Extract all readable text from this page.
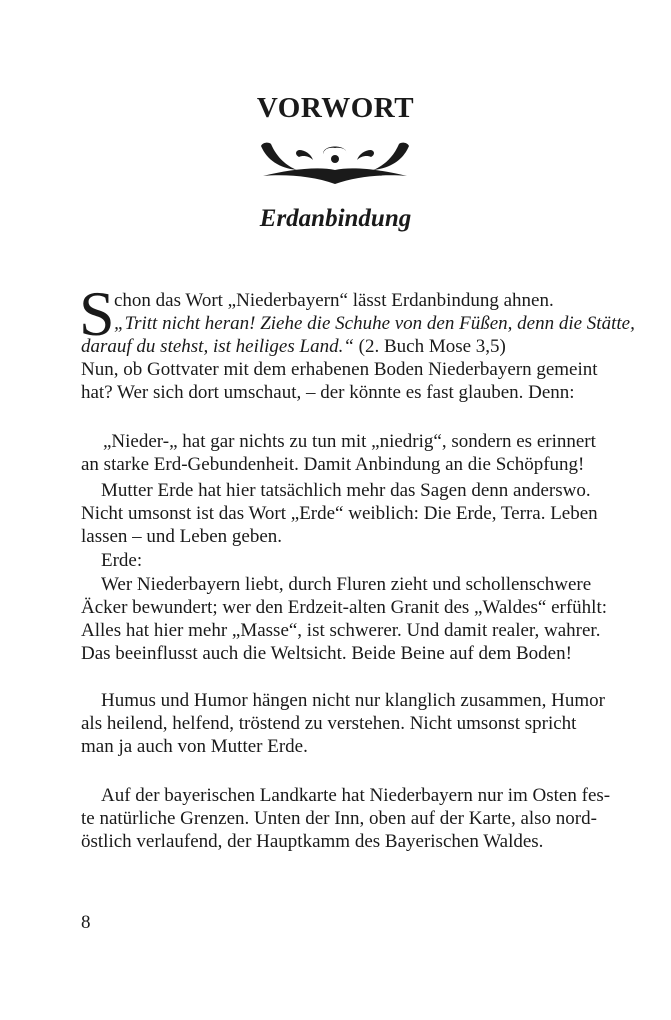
VORWORT
Erdanbindung
S chon das Wort „Niederbayern“ lässt Erdanbindung ahnen.

„Tritt nicht heran! Ziehe die Schuhe von den Füßen, denn die Stätte,

darauf du stehst, ist heiliges Land.“ (2. Buch Mose 3,5)

Nun, ob Gottvater mit dem erhabenen Boden Niederbayern gemeint

hat? Wer sich dort umschaut, – der könnte es fast glauben. Denn:

„Nieder-„ hat gar nichts zu tun mit „niedrig“, sondern es erinnert

an starke Erd-Gebundenheit. Damit Anbindung an die Schöpfung!

Mutter Erde hat hier tatsächlich mehr das Sagen denn anderswo.

Nicht umsonst ist das Wort „Erde“ weiblich: Die Erde, Terra. Leben

lassen – und Leben geben.

Erde:

Wer Niederbayern liebt, durch Fluren zieht und schollenschwere

Äcker bewundert; wer den Erdzeit-alten Granit des „Waldes“ erfühlt:

Alles hat hier mehr „Masse“, ist schwerer. Und damit realer, wahrer.

Das beeinflusst auch die Weltsicht. Beide Beine auf dem Boden!

Humus und Humor hängen nicht nur klanglich zusammen, Humor

als heilend, helfend, tröstend zu verstehen. Nicht umsonst spricht

man ja auch von Mutter Erde.

Auf der bayerischen Landkarte hat Niederbayern nur im Osten fes-

te natürliche Grenzen. Unten der Inn, oben auf der Karte, also nord-

östlich verlaufend, der Hauptkamm des Bayerischen Waldes.

8
